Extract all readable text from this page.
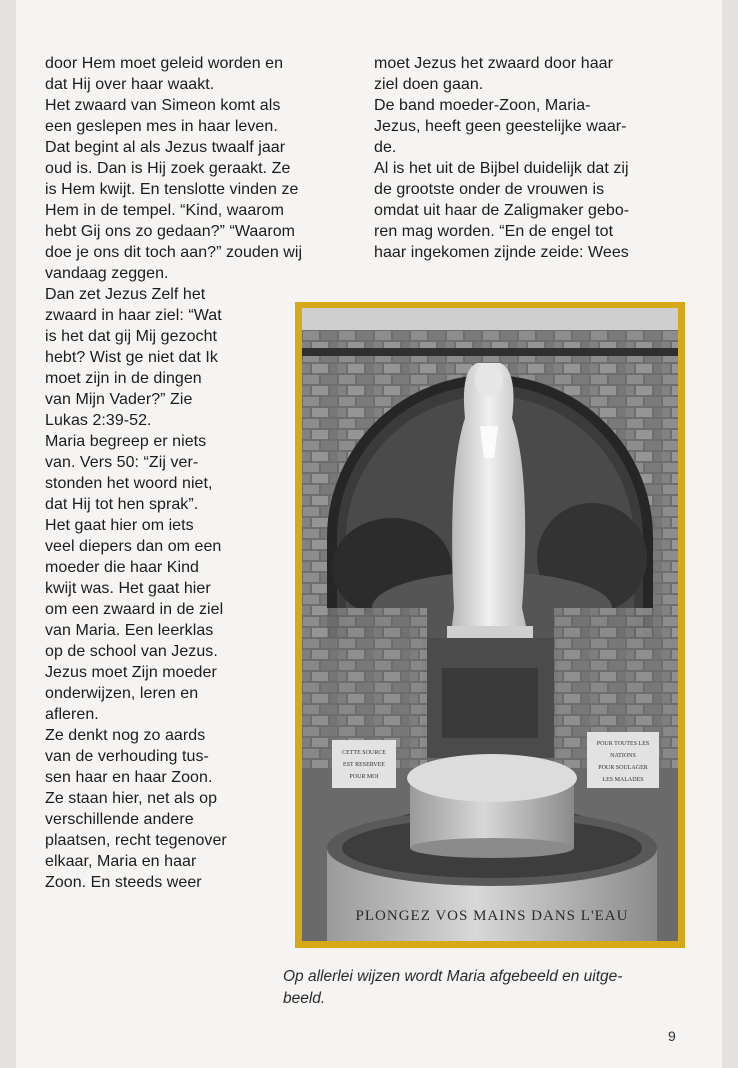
door Hem moet geleid worden en

dat Hij over haar waakt.

Het zwaard van Simeon komt als

een geslepen mes in haar leven.

Dat begint al als Jezus twaalf jaar

oud is. Dan is Hij zoek geraakt. Ze

is Hem kwijt. En tenslotte vinden ze

Hem in de tempel. “Kind, waarom

hebt Gij ons zo gedaan?” “Waarom

doe je ons dit toch aan?” zouden wij

vandaag zeggen.

Dan zet Jezus Zelf het

zwaard in haar ziel: “Wat

is het dat gij Mij gezocht

hebt? Wist ge niet dat Ik

moet zijn in de dingen

van Mijn Vader?” Zie

Lukas 2:39-52.

Maria begreep er niets

van. Vers 50: “Zij ver-

stonden het woord niet,

dat Hij tot hen sprak”.

Het gaat hier om iets

veel diepers dan om een

moeder die haar Kind

kwijt was. Het gaat hier

om een zwaard in de ziel

van Maria. Een leerklas

op de school van Jezus.

Jezus moet Zijn moeder

onderwijzen, leren en

afleren.

Ze denkt nog zo aards

van de verhouding tus-

sen haar en haar Zoon.

Ze staan hier, net als op

verschillende andere

plaatsen, recht tegenover

elkaar, Maria en haar

Zoon. En steeds weer

moet Jezus het zwaard door haar

ziel doen gaan.

De band moeder-Zoon, Maria-

Jezus, heeft geen geestelijke waar-

de.

Al is het uit de Bijbel duidelijk dat zij

de grootste onder de vrouwen is

omdat uit haar de Zaligmaker gebo-

ren mag worden. “En de engel tot

haar ingekomen zijnde zeide: Wees

CETTE SOURCE
EST RESERVEE
POUR MOI
POUR TOUTES LES
NATIONS
POUR SOULAGER
LES MALADES
PLONGEZ VOS MAINS DANS L'EAU

Op allerlei wijzen wordt Maria afgebeeld en uitge-

beeld.

9
